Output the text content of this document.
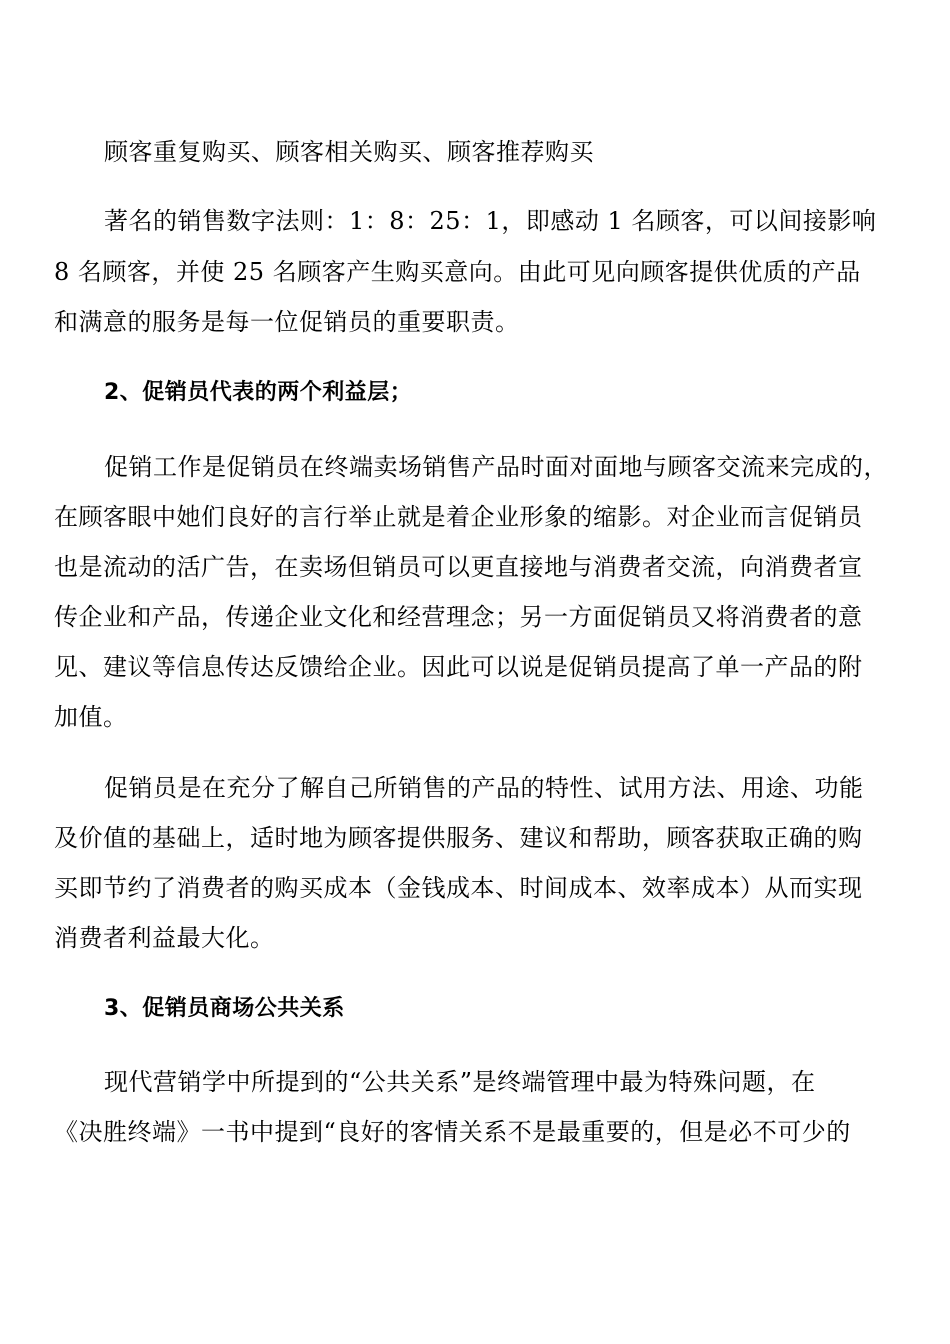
顾客重复购买、顾客相关购买、顾客推荐购买
著名的销售数字法则：1：8：25：1，即感动 1 名顾客，可以间接影响
8 名顾客，并使 25 名顾客产生购买意向。由此可见向顾客提供优质的产品
和满意的服务是每一位促销员的重要职责。
2、促销员代表的两个利益层；
促销工作是促销员在终端卖场销售产品时面对面地与顾客交流来完成的，
在顾客眼中她们良好的言行举止就是着企业形象的缩影。对企业而言促销员
也是流动的活广告，在卖场但销员可以更直接地与消费者交流，向消费者宣
传企业和产品，传递企业文化和经营理念；另一方面促销员又将消费者的意
见、建议等信息传达反馈给企业。因此可以说是促销员提高了单一产品的附
加值。
促销员是在充分了解自己所销售的产品的特性、试用方法、用途、功能
及价值的基础上，适时地为顾客提供服务、建议和帮助，顾客获取正确的购
买即节约了消费者的购买成本（金钱成本、时间成本、效率成本）从而实现
消费者利益最大化。
3、促销员商场公共关系
现代营销学中所提到的“公共关系”是终端管理中最为特殊问题，在
《决胜终端》一书中提到“良好的客情关系不是最重要的，但是必不可少的
